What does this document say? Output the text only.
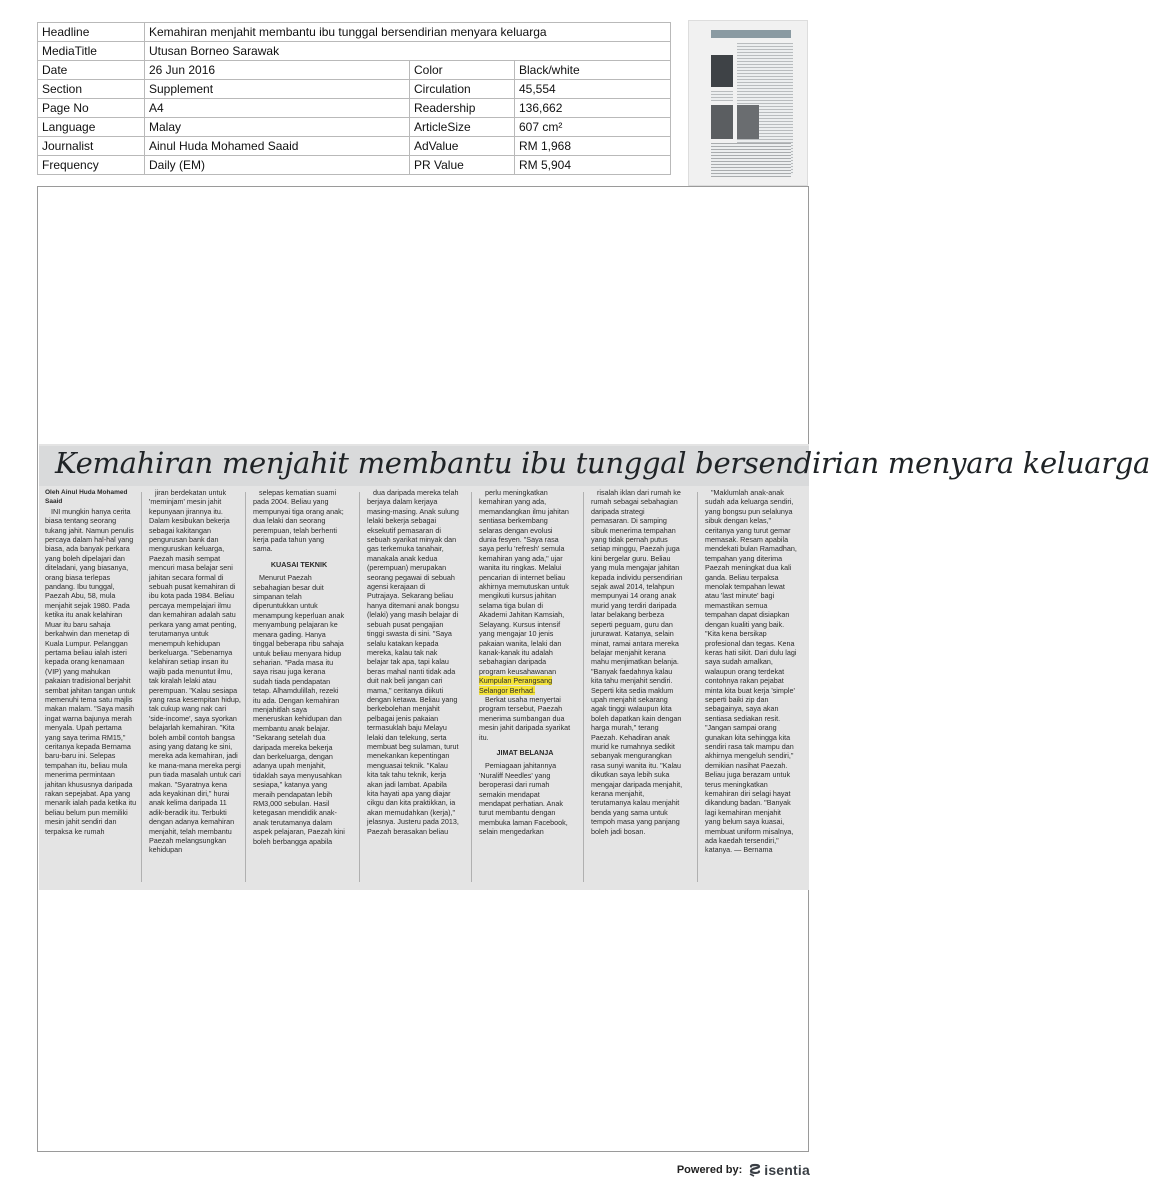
Headline	Kemahiran menjahit membantu ibu tunggal bersendirian menyara keluarga		
MediaTitle	Utusan Borneo Sarawak		
Date	26 Jun 2016	Color	Black/white
Section	Supplement	Circulation	45,554
Page No	A4	Readership	136,662
Language	Malay	ArticleSize	607 cm²
Journalist	Ainul Huda Mohamed Saaid	AdValue	RM 1,968
Frequency	Daily (EM)	PR Value	RM 5,904
Kemahiran menjahit membantu ibu tunggal bersendirian menyara keluarga

Oleh Ainul Huda Mohamed Saaid

INI mungkin hanya cerita biasa tentang seorang tukang jahit. Namun penulis percaya dalam hal-hal yang biasa, ada banyak perkara yang boleh dipelajari dan diteladani, yang biasanya, orang biasa terlepas pandang. Ibu tunggal, Paezah Abu, 58, mula menjahit sejak 1980. Pada ketika itu anak kelahiran Muar itu baru sahaja berkahwin dan menetap di Kuala Lumpur. Pelanggan pertama beliau ialah isteri kepada orang kenamaan (VIP) yang mahukan pakaian tradisional berjahit sembat jahitan tangan untuk memenuhi tema satu majlis makan malam. "Saya masih ingat warna bajunya merah menyala. Upah pertama yang saya terima RM15," ceritanya kepada Bernama baru-baru ini. Selepas tempahan itu, beliau mula menerima permintaan jahitan khususnya daripada rakan sepejabat. Apa yang menarik ialah pada ketika itu beliau belum pun memiliki mesin jahit sendiri dan terpaksa ke rumah

jiran berdekatan untuk 'meminjam' mesin jahit kepunyaan jirannya itu. Dalam kesibukan bekerja sebagai kakitangan pengurusan bank dan menguruskan keluarga, Paezah masih sempat mencuri masa belajar seni jahitan secara formal di sebuah pusat kemahiran di ibu kota pada 1984. Beliau percaya mempelajari ilmu dan kemahiran adalah satu perkara yang amat penting, terutamanya untuk menempuh kehidupan berkeluarga. "Sebenarnya kelahiran setiap insan itu wajib pada menuntut ilmu, tak kiralah lelaki atau perempuan. "Kalau sesiapa yang rasa kesempitan hidup, tak cukup wang nak cari 'side-income', saya syorkan belajarlah kemahiran. "Kita boleh ambil contoh bangsa asing yang datang ke sini, mereka ada kemahiran, jadi ke mana-mana mereka pergi pun tiada masalah untuk cari makan. "Syaratnya kena ada keyakinan diri," hurai anak kelima daripada 11 adik-beradik itu. Terbukti dengan adanya kemahiran menjahit, telah membantu Paezah melangsungkan kehidupan

selepas kematian suami pada 2004. Beliau yang mempunyai tiga orang anak; dua lelaki dan seorang perempuan, telah berhenti kerja pada tahun yang sama.

KUASAI TEKNIK

Menurut Paezah sebahagian besar duit simpanan telah diperuntukkan untuk menampung keperluan anak menyambung pelajaran ke menara gading. Hanya tinggal beberapa ribu sahaja untuk beliau menyara hidup seharian. "Pada masa itu saya risau juga kerana sudah tiada pendapatan tetap. Alhamdulillah, rezeki itu ada. Dengan kemahiran menjahitlah saya meneruskan kehidupan dan membantu anak belajar. "Sekarang setelah dua daripada mereka bekerja dan berkeluarga, dengan adanya upah menjahit, tidaklah saya menyusahkan sesiapa," katanya yang meraih pendapatan lebih RM3,000 sebulan. Hasil ketegasan mendidik anak-anak terutamanya dalam aspek pelajaran, Paezah kini boleh berbangga apabila

dua daripada mereka telah berjaya dalam kerjaya masing-masing. Anak sulung lelaki bekerja sebagai eksekutif pemasaran di sebuah syarikat minyak dan gas terkemuka tanahair, manakala anak kedua (perempuan) merupakan seorang pegawai di sebuah agensi kerajaan di Putrajaya. Sekarang beliau hanya ditemani anak bongsu (lelaki) yang masih belajar di sebuah pusat pengajian tinggi swasta di sini. "Saya selalu katakan kepada mereka, kalau tak nak belajar tak apa, tapi kalau beras mahal nanti tidak ada duit nak beli jangan cari mama," ceritanya diikuti dengan ketawa. Beliau yang berkebolehan menjahit pelbagai jenis pakaian termasuklah baju Melayu lelaki dan telekung, serta membuat beg sulaman, turut menekankan kepentingan menguasai teknik. "Kalau kita tak tahu teknik, kerja akan jadi lambat. Apabila kita hayati apa yang diajar cikgu dan kita praktikkan, ia akan memudahkan (kerja)," jelasnya. Justeru pada 2013, Paezah berasakan beliau

perlu meningkatkan kemahiran yang ada, memandangkan ilmu jahitan sentiasa berkembang selaras dengan evolusi dunia fesyen. "Saya rasa saya perlu 'refresh' semula kemahiran yang ada," ujar wanita itu ringkas. Melalui pencarian di internet beliau akhirnya memutuskan untuk mengikuti kursus jahitan selama tiga bulan di Akademi Jahitan Kamsiah, Selayang. Kursus intensif yang mengajar 10 jenis pakaian wanita, lelaki dan kanak-kanak itu adalah sebahagian daripada program keusahawanan Kumpulan Perangsang Selangor Berhad.

Berkat usaha menyertai program tersebut, Paezah menerima sumbangan dua mesin jahit daripada syarikat itu.

JIMAT BELANJA

Pemiagaan jahitannya 'Nuraliff Needles' yang beroperasi dari rumah semakin mendapat mendapat perhatian. Anak turut membantu dengan membuka laman Facebook, selain mengedarkan

risalah iklan dari rumah ke rumah sebagai sebahagian daripada strategi pemasaran. Di samping sibuk menerima tempahan yang tidak pernah putus setiap minggu, Paezah juga kini bergelar guru. Beliau yang mula mengajar jahitan kepada individu persendirian sejak awal 2014, telahpun mempunyai 14 orang anak murid yang terdiri daripada latar belakang berbeza seperti peguam, guru dan jururawat. Katanya, selain minat, ramai antara mereka belajar menjahit kerana mahu menjimatkan belanja. "Banyak faedahnya kalau kita tahu menjahit sendiri. Seperti kita sedia maklum upah menjahit sekarang agak tinggi walaupun kita boleh dapatkan kain dengan harga murah," terang Paezah. Kehadiran anak murid ke rumahnya sedikit sebanyak mengurangkan rasa sunyi wanita itu. "Kalau dikutkan saya lebih suka mengajar daripada menjahit, kerana menjahit, terutamanya kalau menjahit benda yang sama untuk tempoh masa yang panjang boleh jadi bosan.

"Maklumlah anak-anak sudah ada keluarga sendiri, yang bongsu pun selalunya sibuk dengan kelas," ceritanya yang turut gemar memasak. Resam apabila mendekati bulan Ramadhan, tempahan yang diterima Paezah meningkat dua kali ganda. Beliau terpaksa menolak tempahan lewat atau 'last minute' bagi memastikan semua tempahan dapat disiapkan dengan kualiti yang baik. "Kita kena bersikap profesional dan tegas. Kena keras hati sikit. Dari dulu lagi saya sudah amalkan, walaupun orang terdekat contohnya rakan pejabat minta kita buat kerja 'simple' seperti baiki zip dan sebagainya, saya akan sentiasa sediakan resit. "Jangan sampai orang gunakan kita sehingga kita sendiri rasa tak mampu dan akhirnya mengeluh sendiri," demikian nasihat Paezah. Beliau juga berazam untuk terus meningkatkan kemahiran diri selagi hayat dikandung badan. "Banyak lagi kemahiran menjahit yang belum saya kuasai, membuat uniform misalnya, ada kaedah tersendiri," katanya. — Bernama

Powered by: isentia
